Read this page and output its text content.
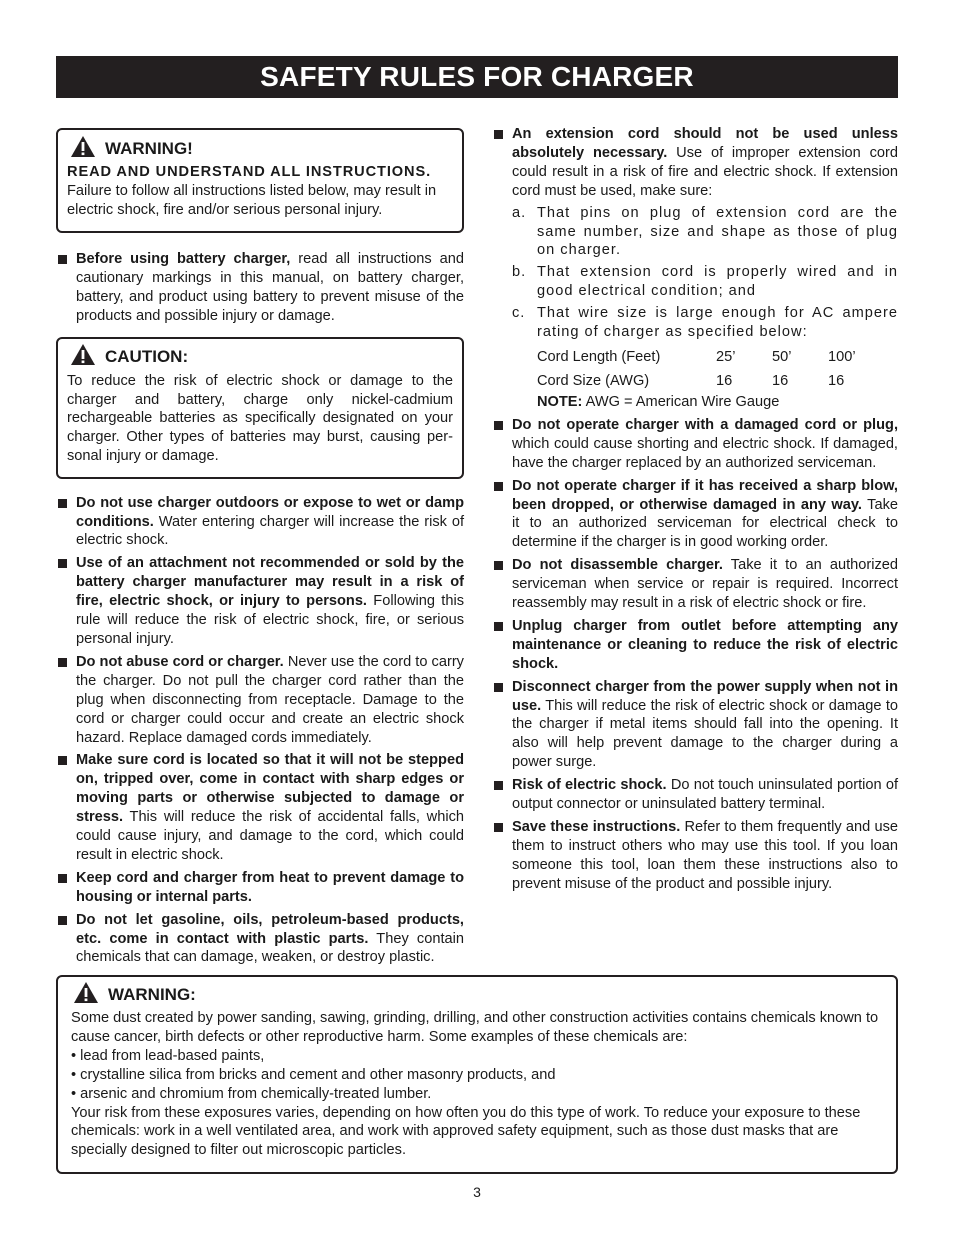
SAFETY RULES FOR CHARGER
WARNING!

READ AND UNDERSTAND ALL INSTRUCTIONS.

Failure to follow all instructions listed below, may result in electric shock, fire and/or serious personal injury.

Before using battery charger, read all instructions and cautionary markings in this manual, on battery charger, battery, and product using battery to prevent misuse of the products and possible injury or damage.
CAUTION:

To reduce the risk of electric shock or damage to the charger and battery, charge only nickel-cadmium rechargeable batteries as specifically designated on your charger. Other types of batteries may burst, causing per-sonal injury or damage.

Do not use charger outdoors or expose to wet or damp conditions. Water entering charger will increase the risk of electric shock.
Use of an attachment not recommended or sold by the battery charger manufacturer may result in a risk of fire, electric shock, or injury to persons. Following this rule will reduce the risk of electric shock, fire, or serious personal injury.
Do not abuse cord or charger. Never use the cord to carry the charger. Do not pull the charger cord rather than the plug when disconnecting from receptacle. Damage to the cord or charger could occur and create an electric shock hazard. Replace damaged cords immediately.
Make sure cord is located so that it will not be stepped on, tripped over, come in contact with sharp edges or moving parts or otherwise subjected to damage or stress. This will reduce the risk of accidental falls, which could cause injury, and damage to the cord, which could result in electric shock.
Keep cord and charger from heat to prevent damage to housing or internal parts.
Do not let gasoline, oils, petroleum-based products, etc. come in contact with plastic parts. They contain chemicals that can damage, weaken, or destroy plastic.
An extension cord should not be used unless absolutely necessary. Use of improper extension cord could result in a risk of fire and electric shock. If extension cord must be used, make sure:
a. That pins on plug of extension cord are the same number, size and shape as those of plug on charger.
b. That extension cord is properly wired and in good electrical condition; and
c. That wire size is large enough for AC ampere rating of charger as specified below:
Cord Length (Feet)	25’	50’	100’
Cord Size (AWG)	16	16	16
NOTE: AWG = American Wire Gauge
Do not operate charger with a damaged cord or plug, which could cause shorting and electric shock. If damaged, have the charger replaced by an authorized serviceman.
Do not operate charger if it has received a sharp blow, been dropped, or otherwise damaged in any way. Take it to an authorized serviceman for electrical check to determine if the charger is in good working order.
Do not disassemble charger. Take it to an authorized serviceman when service or repair is required. Incorrect reassembly may result in a risk of electric shock or fire.
Unplug charger from outlet before attempting any maintenance or cleaning to reduce the risk of electric shock.
Disconnect charger from the power supply when not in use. This will reduce the risk of electric shock or damage to the charger if metal items should fall into the opening. It also will help prevent damage to the charger during a power surge.
Risk of electric shock. Do not touch uninsulated portion of output connector or uninsulated battery terminal.
Save these instructions. Refer to them frequently and use them to instruct others who may use this tool. If you loan someone this tool, loan them these instructions also to prevent misuse of the product and possible injury.
WARNING:

Some dust created by power sanding, sawing, grinding, drilling, and other construction activities contains chemicals known to cause cancer, birth defects or other reproductive harm. Some examples of these chemicals are:

• lead from lead-based paints,
• crystalline silica from bricks and cement and other masonry products, and
• arsenic and chromium from chemically-treated lumber.

Your risk from these exposures varies, depending on how often you do this type of work. To reduce your exposure to these chemicals: work in a well ventilated area, and work with approved safety equipment, such as those dust masks that are specially designed to filter out microscopic particles.

3
